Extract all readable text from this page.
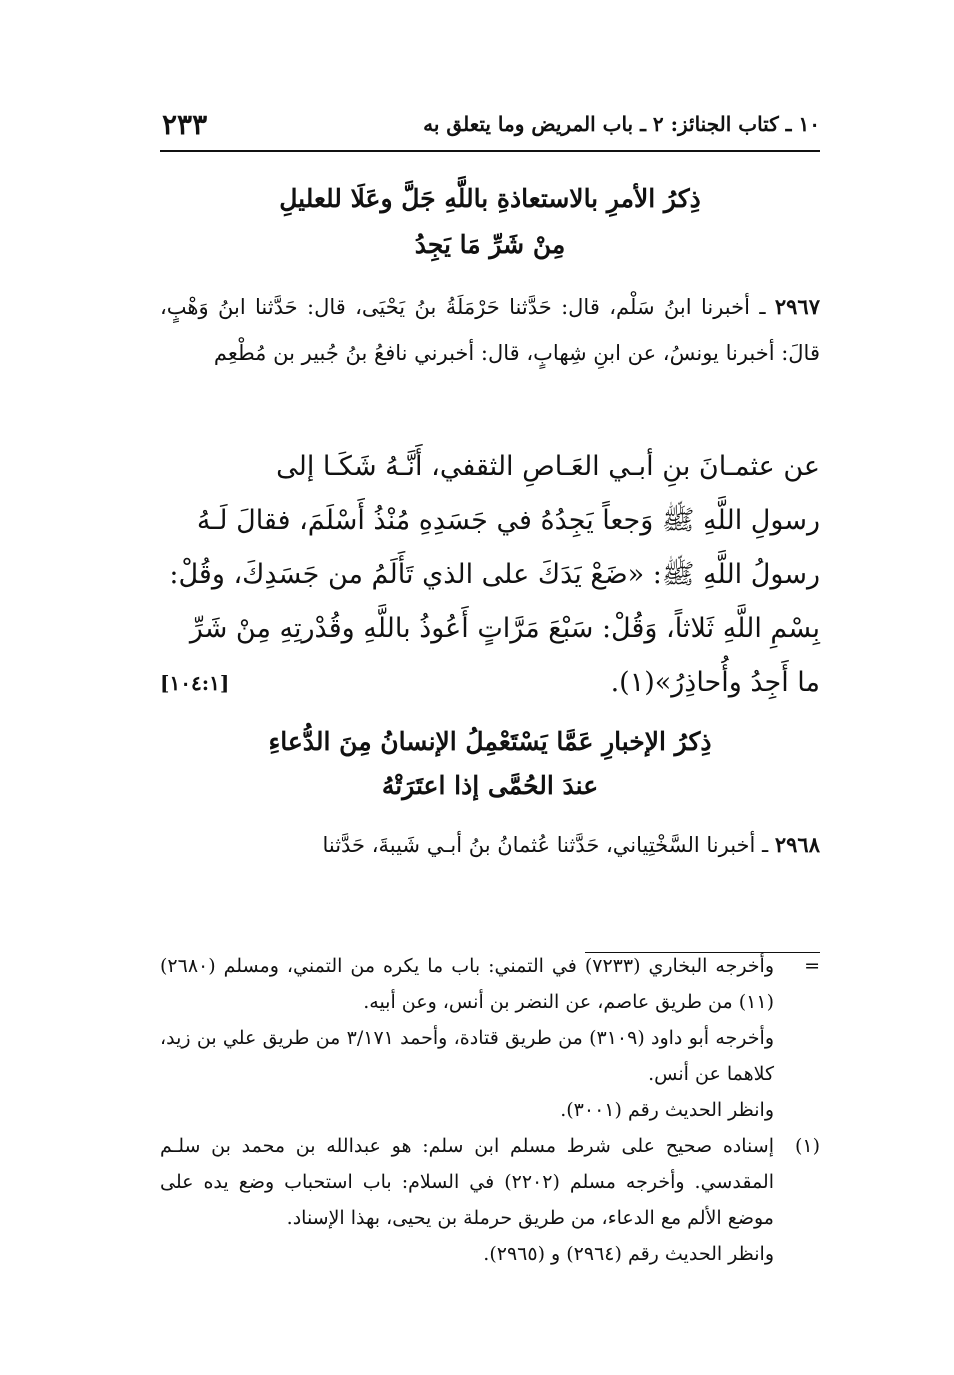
١٠ ـ كتاب الجنائز: ٢ ـ باب المريض وما يتعلق به
٢٣٣
ذِكرُ الأمرِ بالاستعاذةِ باللَّهِ جَلَّ وعَلَا للعليلِ
مِنْ شَرِّ مَا يَجِدُ
٢٩٦٧ ـ أخبرنا ابنُ سَلْم، قال: حَدَّثنا حَرْمَلَةُ بنُ يَحْيَى، قال: حَدَّثنا ابنُ وَهْبٍ، قالَ: أخبرنا يونسُ، عن ابنِ شِهابٍ، قال: أخبرني نافعُ بنُ جُبير بن مُطْعِم
عن عثمـانَ بنِ أبـي العَـاصِ الثقفي، أَنَّـهُ شَكَـا إلى
رسولِ اللَّهِ ﷺ وَجعاً يَجِدُهُ في جَسَدِهِ مُنْذُ أَسْلَمَ، فقالَ لَـهُ
رسولُ اللَّهِ ﷺ: «ضَعْ يَدَكَ على الذي تَأَلَمُ من جَسَدِكَ، وقُلْ:
بِسْمِ اللَّهِ ثَلاثاً، وَقُلْ: سَبْعَ مَرَّاتٍ أَعُوذُ باللَّهِ وقُدْرتِهِ مِنْ شَرِّ
ما أَجِدُ وأُحاذِرُ»(١).
[١٠٤:١]
ذِكرُ الإخبارِ عَمَّا يَسْتَعْمِلُ الإنسانُ مِنَ الدُّعاءِ
عندَ الحُمَّى إذا اعتَرَتْهُ
٢٩٦٨ ـ أخبرنا السَّخْتِياني، حَدَّثنا عُثمانُ بنُ أبـي شَيبةَ، حَدَّثنا
=
وأخرجه البخاري (٧٢٣٣) في التمني: باب ما يكره من التمني، ومسلم (٢٦٨٠) (١١) من طريق عاصم، عن النضر بن أنس، وعن أبيه.
وأخرجه أبو داود (٣١٠٩) من طريق قتادة، وأحمد ٣/١٧١ من طريق علي بن زيد، كلاهما عن أنس.
وانظر الحديث رقم (٣٠٠١).
(١)
إسناده صحيح على شرط مسلم ابن سلم: هو عبدالله بن محمد بن سلـم المقدسي. وأخرجه مسلم (٢٢٠٢) في السلام: باب استحباب وضع يده على موضع الألم مع الدعاء، من طريق حرملة بن يحيى، بهذا الإسناد.
وانظر الحديث رقم (٢٩٦٤) و (٢٩٦٥).
